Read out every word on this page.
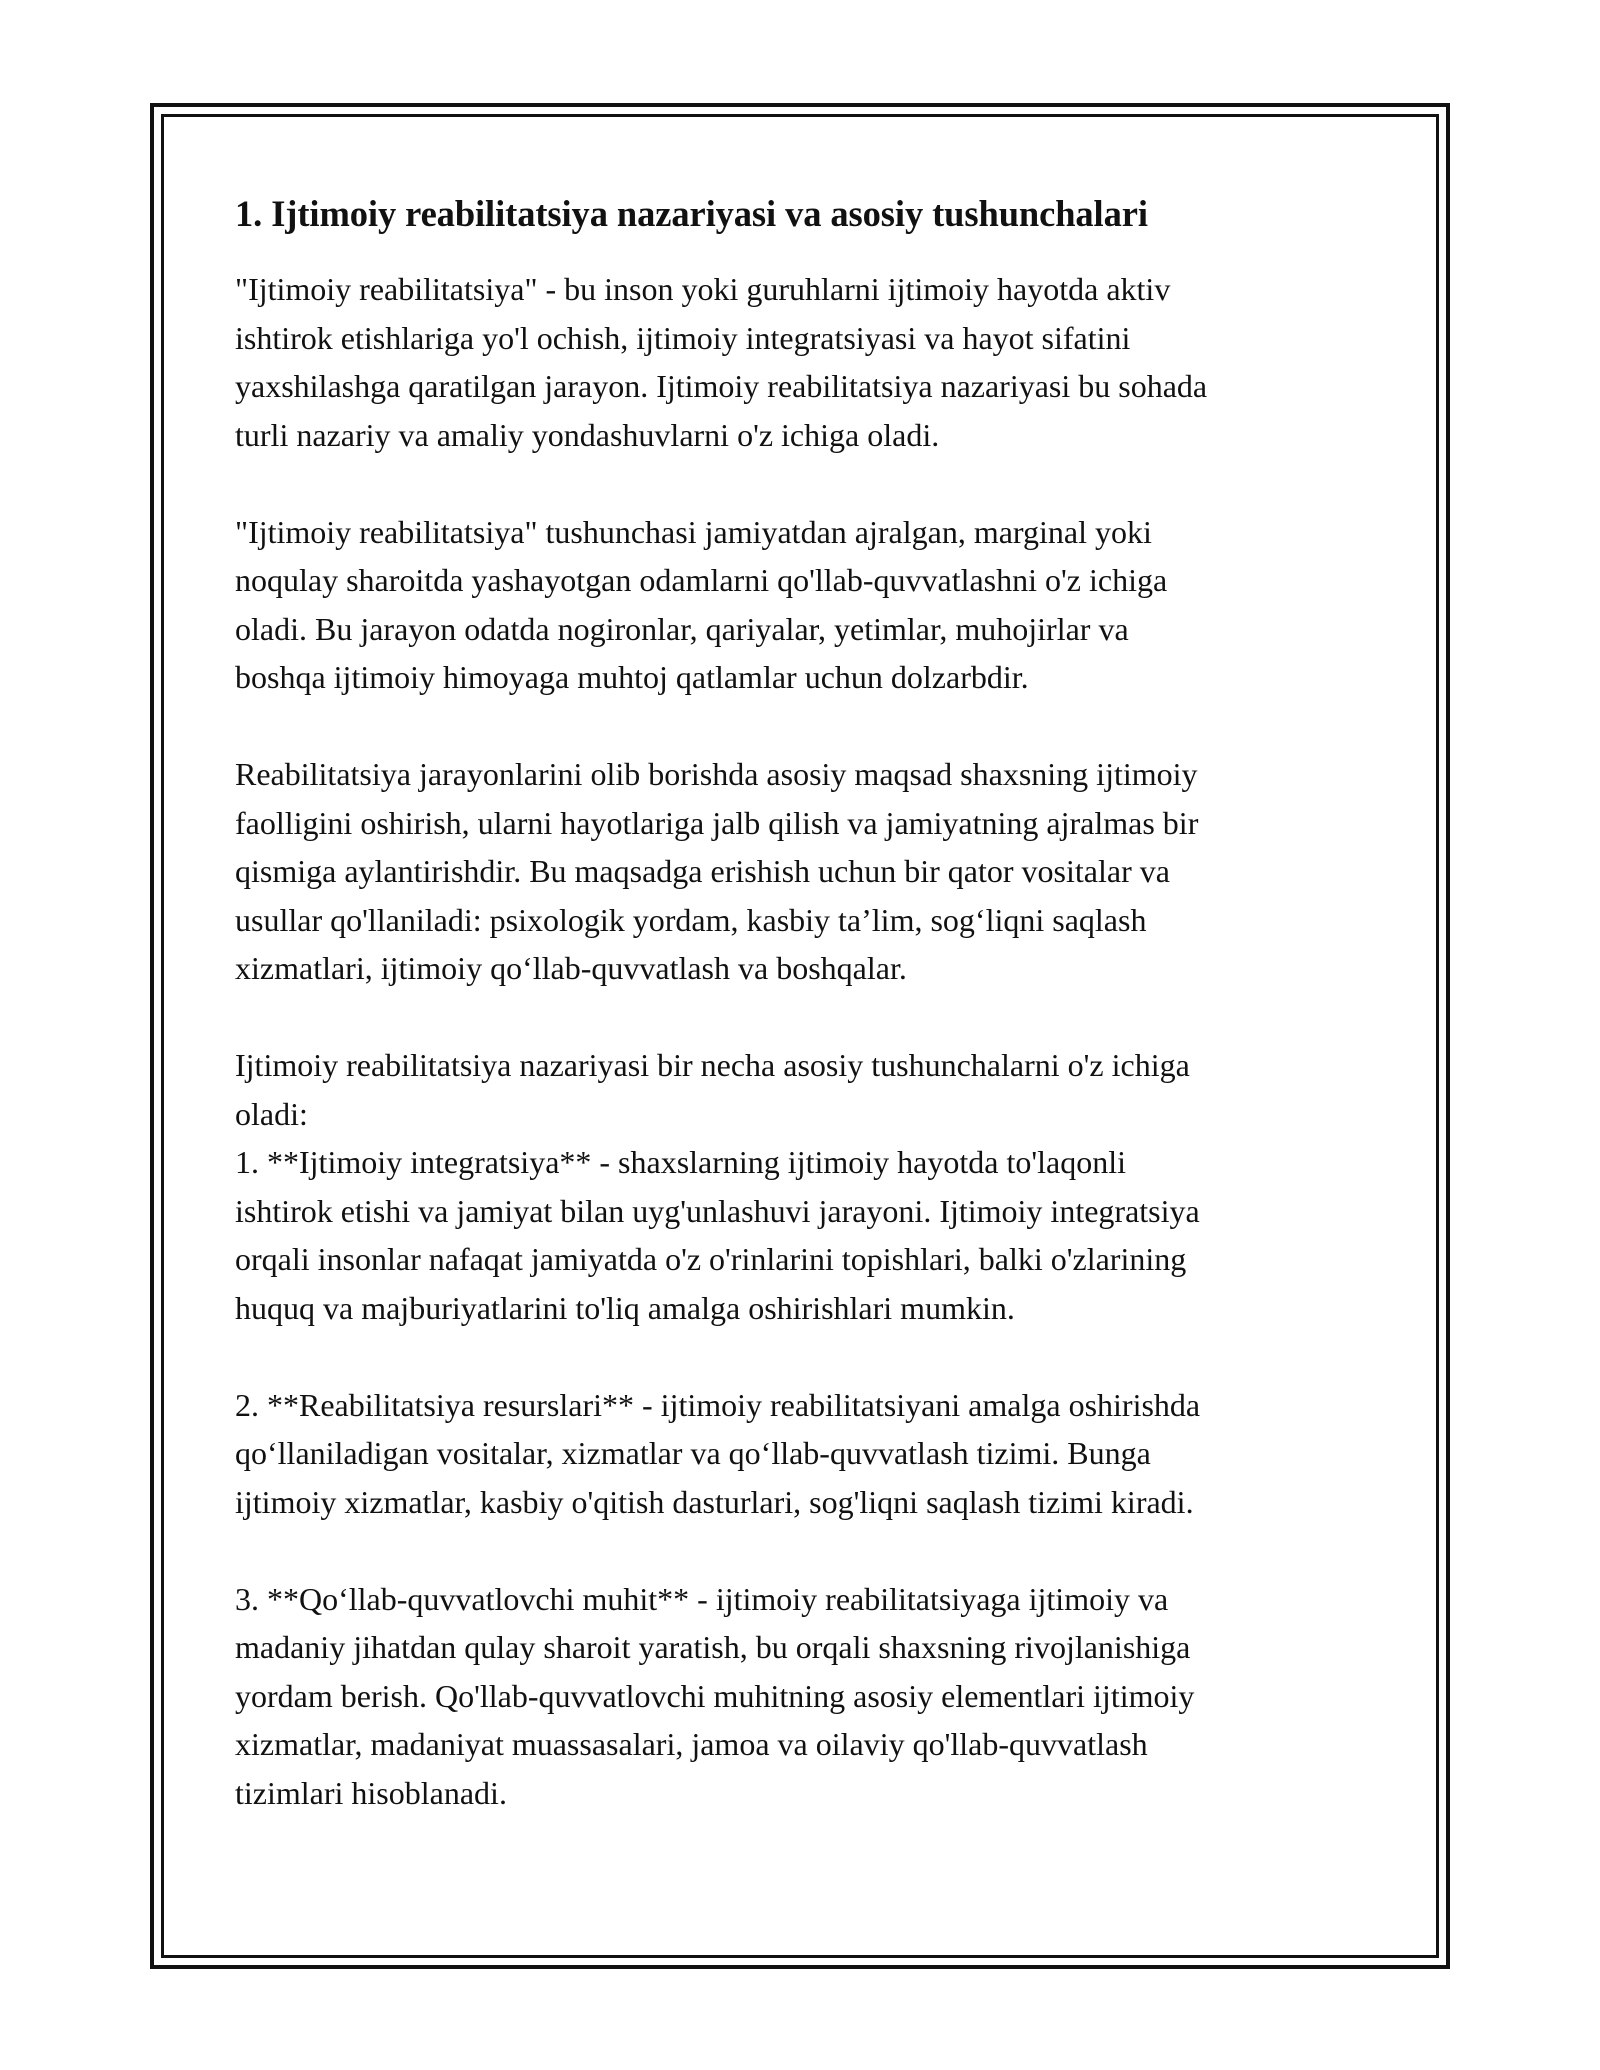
1. Ijtimoiy reabilitatsiya nazariyasi va asosiy tushunchalari
"Ijtimoiy reabilitatsiya" - bu inson yoki guruhlarni ijtimoiy hayotda aktiv
ishtirok etishlariga yo'l ochish, ijtimoiy integratsiyasi va hayot sifatini
yaxshilashga qaratilgan jarayon. Ijtimoiy reabilitatsiya nazariyasi bu sohada
turli nazariy va amaliy yondashuvlarni o'z ichiga oladi.
"Ijtimoiy reabilitatsiya" tushunchasi jamiyatdan ajralgan, marginal yoki
noqulay sharoitda yashayotgan odamlarni qo'llab-quvvatlashni o'z ichiga
oladi. Bu jarayon odatda nogironlar, qariyalar, yetimlar, muhojirlar va
boshqa ijtimoiy himoyaga muhtoj qatlamlar uchun dolzarbdir.
Reabilitatsiya jarayonlarini olib borishda asosiy maqsad shaxsning ijtimoiy
faolligini oshirish, ularni hayotlariga jalb qilish va jamiyatning ajralmas bir
qismiga aylantirishdir. Bu maqsadga erishish uchun bir qator vositalar va
usullar qo'llaniladi: psixologik yordam, kasbiy ta’lim, sog‘liqni saqlash
xizmatlari, ijtimoiy qo‘llab-quvvatlash va boshqalar.
Ijtimoiy reabilitatsiya nazariyasi bir necha asosiy tushunchalarni o'z ichiga
oladi:
1. **Ijtimoiy integratsiya** - shaxslarning ijtimoiy hayotda to'laqonli
ishtirok etishi va jamiyat bilan uyg'unlashuvi jarayoni. Ijtimoiy integratsiya
orqali insonlar nafaqat jamiyatda o'z o'rinlarini topishlari, balki o'zlarining
huquq va majburiyatlarini to'liq amalga oshirishlari mumkin.
2. **Reabilitatsiya resurslari** - ijtimoiy reabilitatsiyani amalga oshirishda
qo‘llaniladigan vositalar, xizmatlar va qo‘llab-quvvatlash tizimi. Bunga
ijtimoiy xizmatlar, kasbiy o'qitish dasturlari, sog'liqni saqlash tizimi kiradi.
3. **Qo‘llab-quvvatlovchi muhit** - ijtimoiy reabilitatsiyaga ijtimoiy va
madaniy jihatdan qulay sharoit yaratish, bu orqali shaxsning rivojlanishiga
yordam berish. Qo'llab-quvvatlovchi muhitning asosiy elementlari ijtimoiy
xizmatlar, madaniyat muassasalari, jamoa va oilaviy qo'llab-quvvatlash
tizimlari hisoblanadi.
